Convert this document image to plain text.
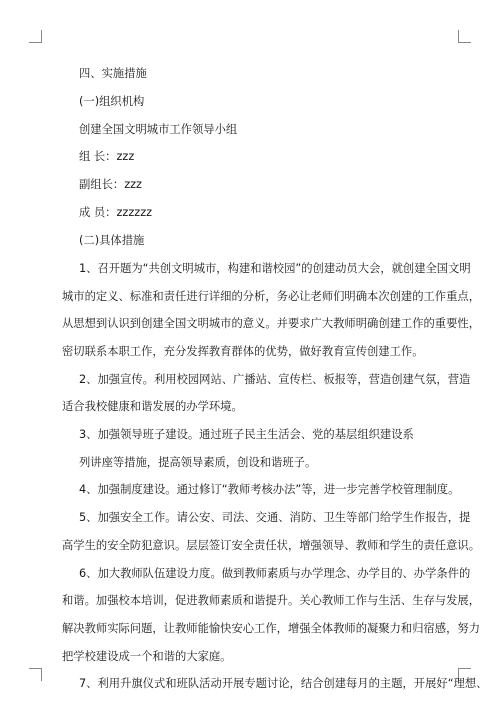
四、实施措施

(一)组织机构

创建全国文明城市工作领导小组

组 长：zzz

副组长：zzz

成 员：zzzzzz

(二)具体措施

1、召开题为“共创文明城市，构建和谐校园”的创建动员大会，就创建全国文明

城市的定义、标准和责任进行详细的分析，务必让老师们明确本次创建的工作重点，

从思想到认识到创建全国文明城市的意义。并要求广大教师明确创建工作的重要性，

密切联系本职工作，充分发挥教育群体的优势，做好教育宣传创建工作。

2、加强宣传。利用校园网站、广播站、宣传栏、板报等，营造创建气氛，营造

适合我校健康和谐发展的办学环境。

3、加强领导班子建设。通过班子民主生活会、党的基层组织建设系

列讲座等措施，提高领导素质，创设和谐班子。

4、加强制度建设。通过修订“教师考核办法”等，进一步完善学校管理制度。

5、加强安全工作。请公安、司法、交通、消防、卫生等部门给学生作报告，提

高学生的安全防犯意识。层层签订安全责任状，增强领导、教师和学生的责任意识。

6、加大教师队伍建设力度。做到教师素质与办学理念、办学目的、办学条件的

和谐。加强校本培训，促进教师素质和谐提升。关心教师工作与生活、生存与发展，

解决教师实际问题，让教师能愉快安心工作，增强全体教师的凝聚力和归宿感，努力

把学校建设成一个和谐的大家庭。

7、利用升旗仪式和班队活动开展专题讨论，结合创建每月的主题，开展好“理想、
